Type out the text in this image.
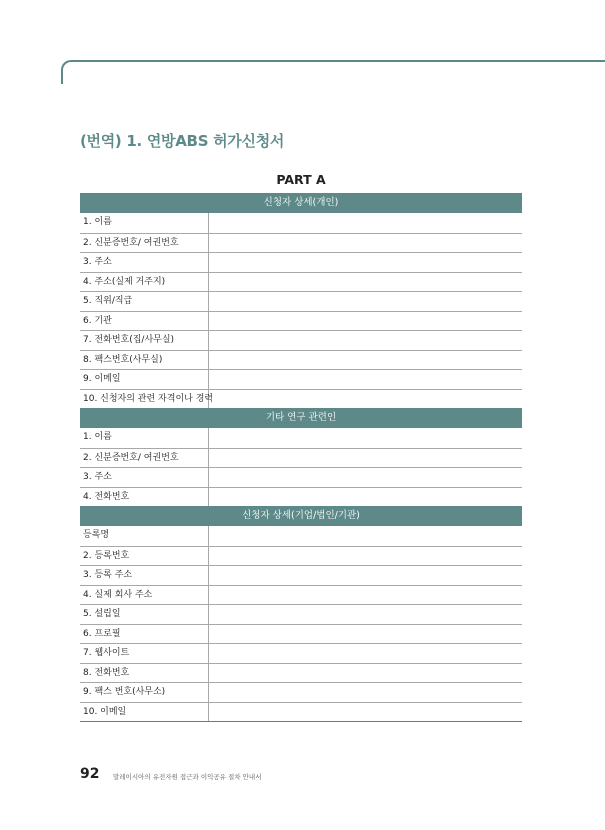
(번역) 1. 연방ABS 허가신청서
PART A
신청자 상세(개인)
1. 이름
2. 신분증번호/ 여권번호
3. 주소
4. 주소(실제 거주지)
5. 직위/직급
6. 기관
7. 전화번호(집/사무실)
8. 팩스번호(사무실)
9. 이메일
10. 신청자의 관련 자격이나 경력
기타 연구 관련인
1. 이름
2. 신분증번호/ 여권번호
3. 주소
4. 전화번호
신청자 상세(기업/법인/기관)
등록명
2. 등록번호
3. 등록 주소
4. 실제 회사 주소
5. 설립일
6. 프로필
7. 웹사이트
8. 전화번호
9. 팩스 번호(사무소)
10. 이메일
92 말레이시아의 유전자원 접근과 이익공유 절차 안내서
